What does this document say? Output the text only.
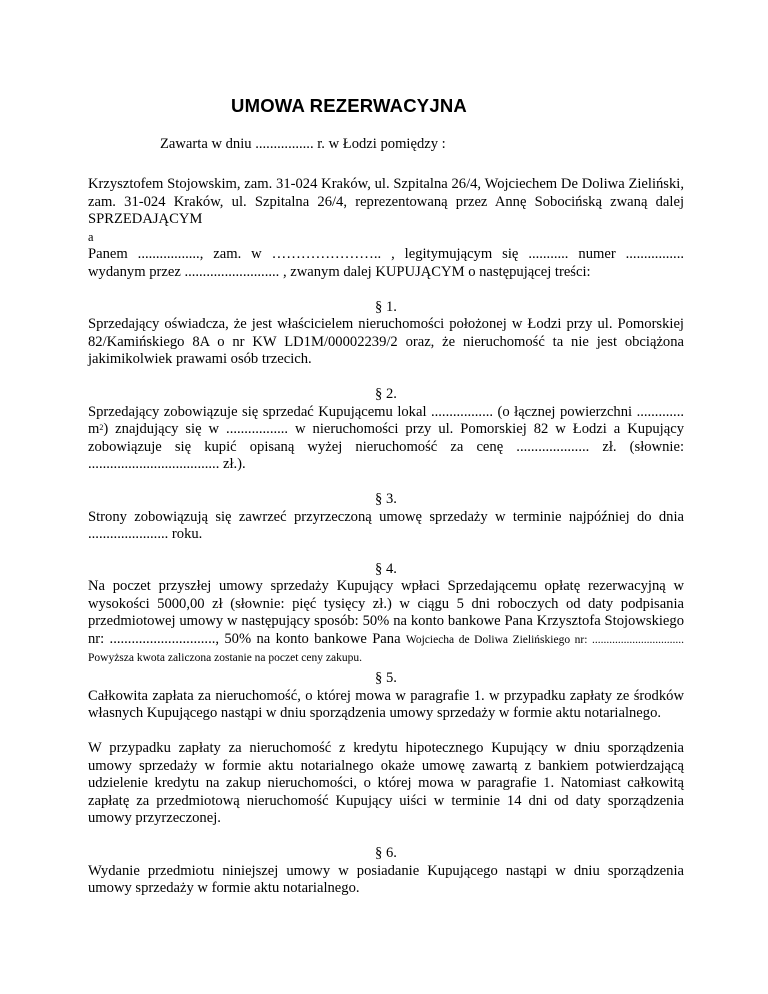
UMOWA REZERWACYJNA
Zawarta w dniu ................ r. w Łodzi pomiędzy :

Krzysztofem Stojowskim, zam. 31-024 Kraków, ul. Szpitalna 26/4, Wojciechem De Doliwa Zieliński, zam. 31-024 Kraków, ul. Szpitalna 26/4, reprezentowaną przez Annę Sobocińską zwaną dalej SPRZEDAJĄCYM

a

Panem ................., zam. w ………………….. , legitymującym się ........... numer ................

wydanym przez .......................... , zwanym dalej KUPUJĄCYM o następującej treści:

§ 1.

Sprzedający oświadcza, że jest właścicielem nieruchomości położonej w Łodzi przy ul. Pomorskiej 82/Kamińskiego 8A o nr KW LD1M/00002239/2 oraz, że nieruchomość ta nie jest obciążona jakimikolwiek prawami osób trzecich.

§ 2.

Sprzedający zobowiązuje się sprzedać Kupującemu lokal ................. (o łącznej powierzchni ............. $m^2$) znajdujący się w ................. w nieruchomości przy ul. Pomorskiej 82 w Łodzi a Kupujący zobowiązuje się kupić opisaną wyżej nieruchomość za cenę .................... zł. (słownie: .................................... zł.).

§ 3.

Strony zobowiązują się zawrzeć przyrzeczoną umowę sprzedaży w terminie najpóźniej do dnia ...................... roku.

§ 4.

Na poczet przyszłej umowy sprzedaży Kupujący wpłaci Sprzedającemu opłatę rezerwacyjną w wysokości 5000,00 zł (słownie: pięć tysięcy zł.) w ciągu 5 dni roboczych od daty podpisania przedmiotowej umowy w następujący sposób: 50% na konto bankowe Pana Krzysztofa Stojowskiego nr: ............................., 50% na konto bankowe Pana Wojciecha de Doliwa Zielińskiego nr: ................................ Powyższa kwota zaliczona zostanie na poczet ceny zakupu.

§ 5.

Całkowita zapłata za nieruchomość, o której mowa w paragrafie 1. w przypadku zapłaty ze środków własnych Kupującego nastąpi w dniu sporządzenia umowy sprzedaży w formie aktu notarialnego.

W przypadku zapłaty za nieruchomość z kredytu hipotecznego Kupujący w dniu sporządzenia umowy sprzedaży w formie aktu notarialnego okaże umowę zawartą z bankiem potwierdzającą udzielenie kredytu na zakup nieruchomości, o której mowa w paragrafie 1. Natomiast całkowitą zapłatę za przedmiotową nieruchomość Kupujący uiści w terminie 14 dni od daty sporządzenia umowy przyrzeczonej.

§ 6.

Wydanie przedmiotu niniejszej umowy w posiadanie Kupującego nastąpi w dniu sporządzenia umowy sprzedaży w formie aktu notarialnego.
